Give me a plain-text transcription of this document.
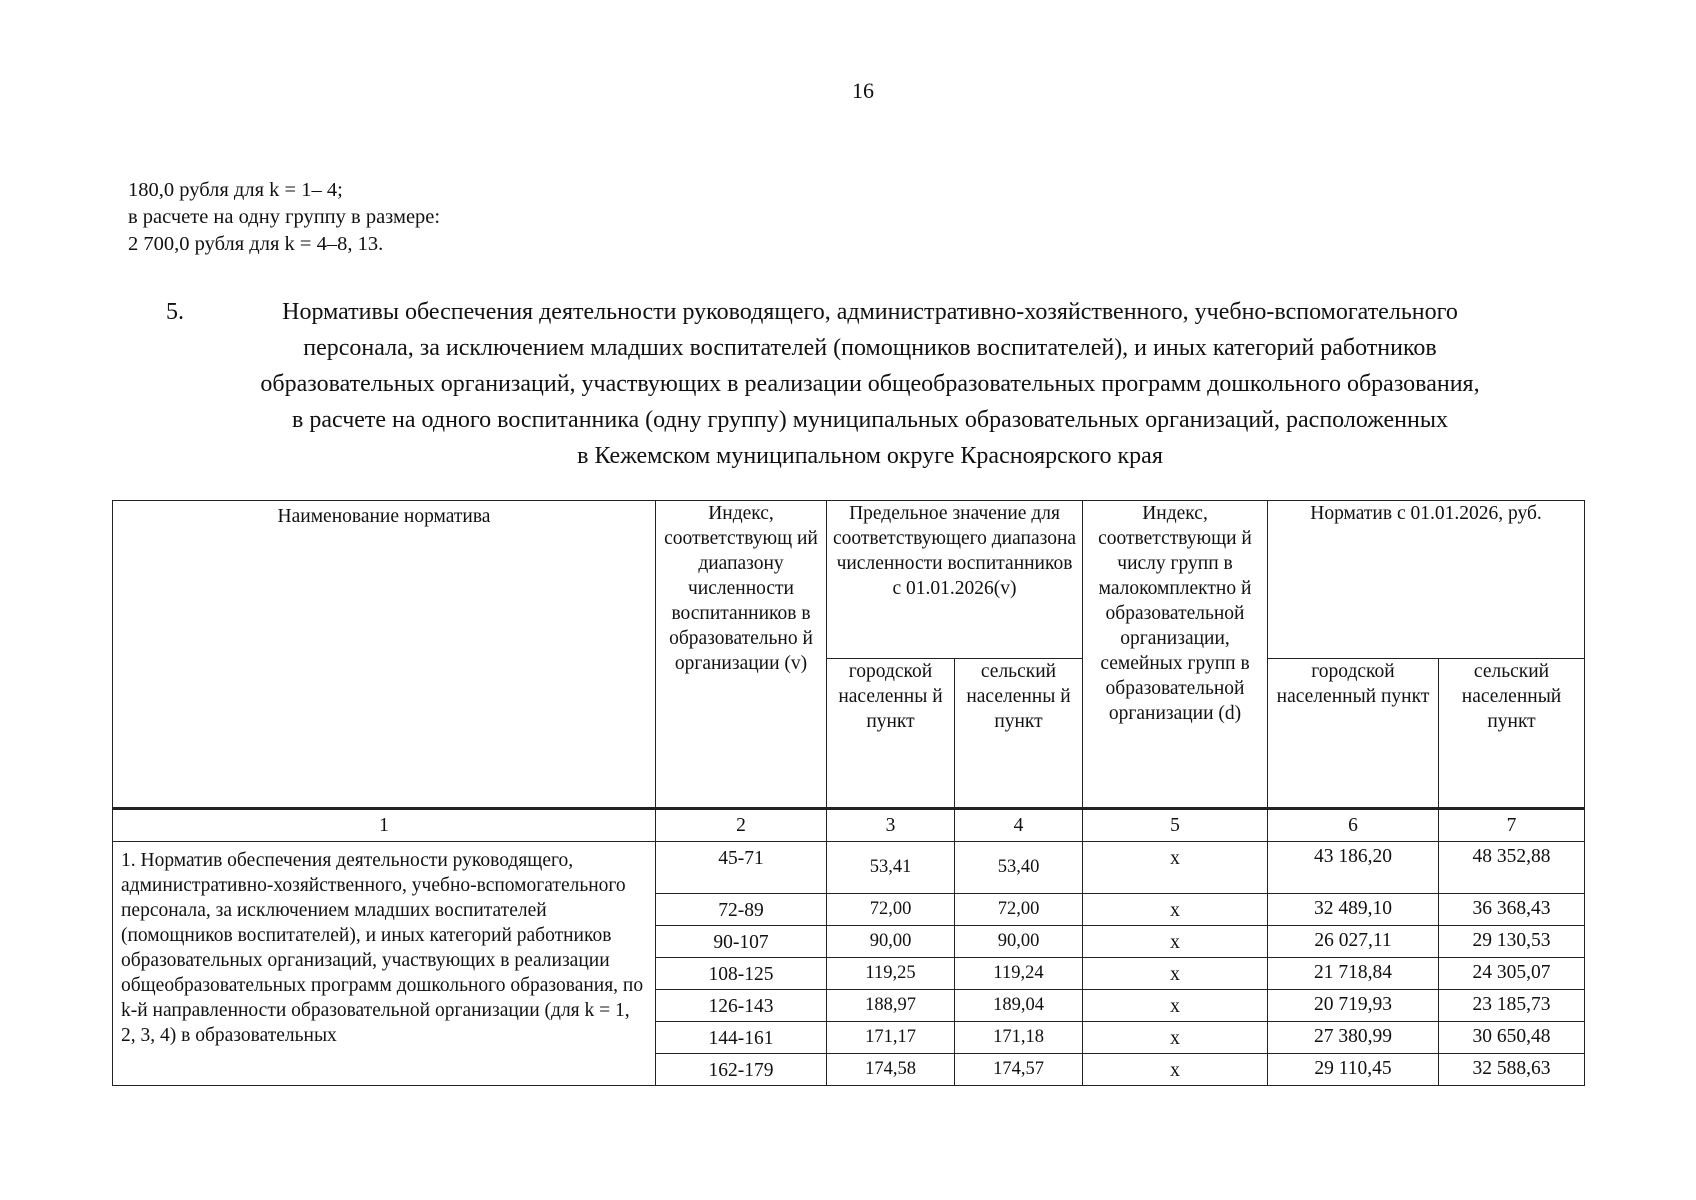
16
180,0 рубля для k = 1– 4;
в расчете на одну группу в размере:
2 700,0 рубля для k = 4–8, 13.
5.	Нормативы обеспечения деятельности руководящего, административно-хозяйственного, учебно-вспомогательного
персонала, за исключением младших воспитателей (помощников воспитателей), и иных категорий работников
образовательных организаций, участвующих в реализации общеобразовательных программ дошкольного образования,
в расчете на одного воспитанника (одну группу) муниципальных образовательных организаций, расположенных
в Кежемском муниципальном округе Красноярского края
Наименование норматива	Индекс, соответствующ ий диапазону численности воспитанников в образовательно й организации (v)	Предельное значение для соответствующего диапазона численности воспитанников с 01.01.2026(v)		Индекс, соответствующи й числу групп в малокомплектно й образовательной организации, семейных групп в образовательной организации (d)	Норматив с 01.01.2026, руб.	
		городской населенны й пункт	сельский населенны й пункт		городской населенный пункт	сельский населенный пункт
1	2	3	4	5	6	7
1. Норматив обеспечения деятельности руководящего, административно-хозяйственного, учебно-вспомогательного персонала, за исключением младших воспитателей (помощников воспитателей), и иных категорий работников образовательных организаций, участвующих в реализации общеобразовательных программ дошкольного образования, по k-й направленности образовательной организации (для k = 1, 2, 3, 4) в образовательных	45-71	53,41	53,40	x	43 186,20	48 352,88
	72-89	72,00	72,00	x	32 489,10	36 368,43
	90-107	90,00	90,00	x	26 027,11	29 130,53
	108-125	119,25	119,24	x	21 718,84	24 305,07
	126-143	188,97	189,04	x	20 719,93	23 185,73
	144-161	171,17	171,18	x	27 380,99	30 650,48
	162-179	174,58	174,57	x	29 110,45	32 588,63
